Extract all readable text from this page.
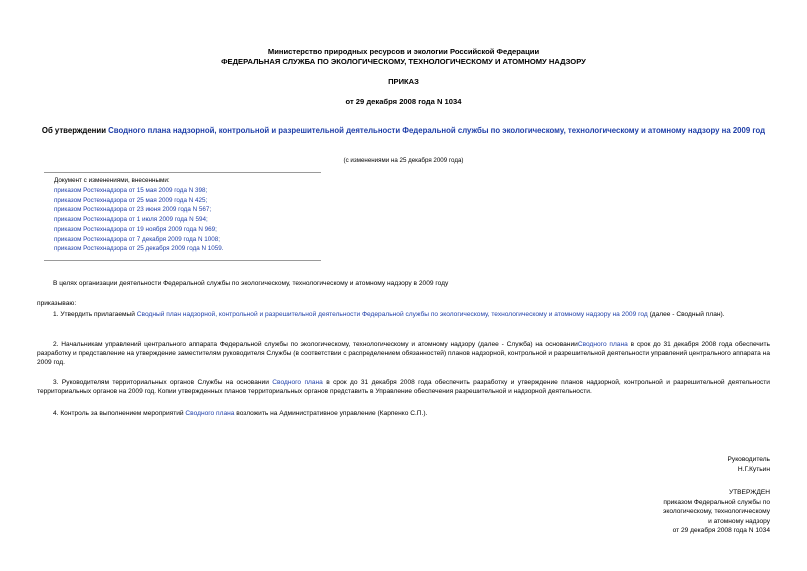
Министерство природных ресурсов и экологии Российской Федерации
ФЕДЕРАЛЬНАЯ СЛУЖБА ПО ЭКОЛОГИЧЕСКОМУ, ТЕХНОЛОГИЧЕСКОМУ И АТОМНОМУ НАДЗОРУ
ПРИКАЗ
от 29 декабря 2008 года N 1034
Об утверждении Сводного плана надзорной, контрольной и разрешительной деятельности Федеральной службы по экологическому, технологическому и атомному надзору на 2009 год
(с изменениями на 25 декабря 2009 года)
Документ с изменениями, внесенными:
приказом Ростехнадзора от 15 мая 2009 года N 398;
приказом Ростехнадзора от 25 мая 2009 года N 425;
приказом Ростехнадзора от 23 июня 2009 года N 567;
приказом Ростехнадзора от 1 июля 2009 года N 594;
приказом Ростехнадзора от 19 ноября 2009 года N 969;
приказом Ростехнадзора от 7 декабря 2009 года N 1008;
приказом Ростехнадзора от 25 декабря 2009 года N 1059.
В целях организации деятельности Федеральной службы по экологическому, технологическому и атомному надзору в 2009 году
приказываю:
1. Утвердить прилагаемый Сводный план надзорной, контрольной и разрешительной деятельности Федеральной службы по экологическому, технологическому и атомному надзору на 2009 год (далее - Сводный план).
2. Начальникам управлений центрального аппарата Федеральной службы по экологическому, технологическому и атомному надзору (далее - Служба) на основанииСводного плана в срок до 31 декабря 2008 года обеспечить разработку и представление на утверждение заместителям руководителя Службы (в соответствии с распределением обязанностей) планов надзорной, контрольной и разрешительной деятельности управлений центрального аппарата на 2009 год.
3. Руководителям территориальных органов Службы на основании Сводного плана в срок до 31 декабря 2008 года обеспечить разработку и утверждение планов надзорной, контрольной и разрешительной деятельности территориальных органов на 2009 год. Копии утвержденных планов территориальных органов представить в Управление обеспечения разрешительной и надзорной деятельности.
4. Контроль за выполнением мероприятий Сводного плана возложить на Административное управление (Карпенко С.П.).
Руководитель
Н.Г.Кутьин
УТВЕРЖДЕН
приказом Федеральной службы по
экологическому, технологическому
и атомному надзору
от 29 декабря 2008 года N 1034
